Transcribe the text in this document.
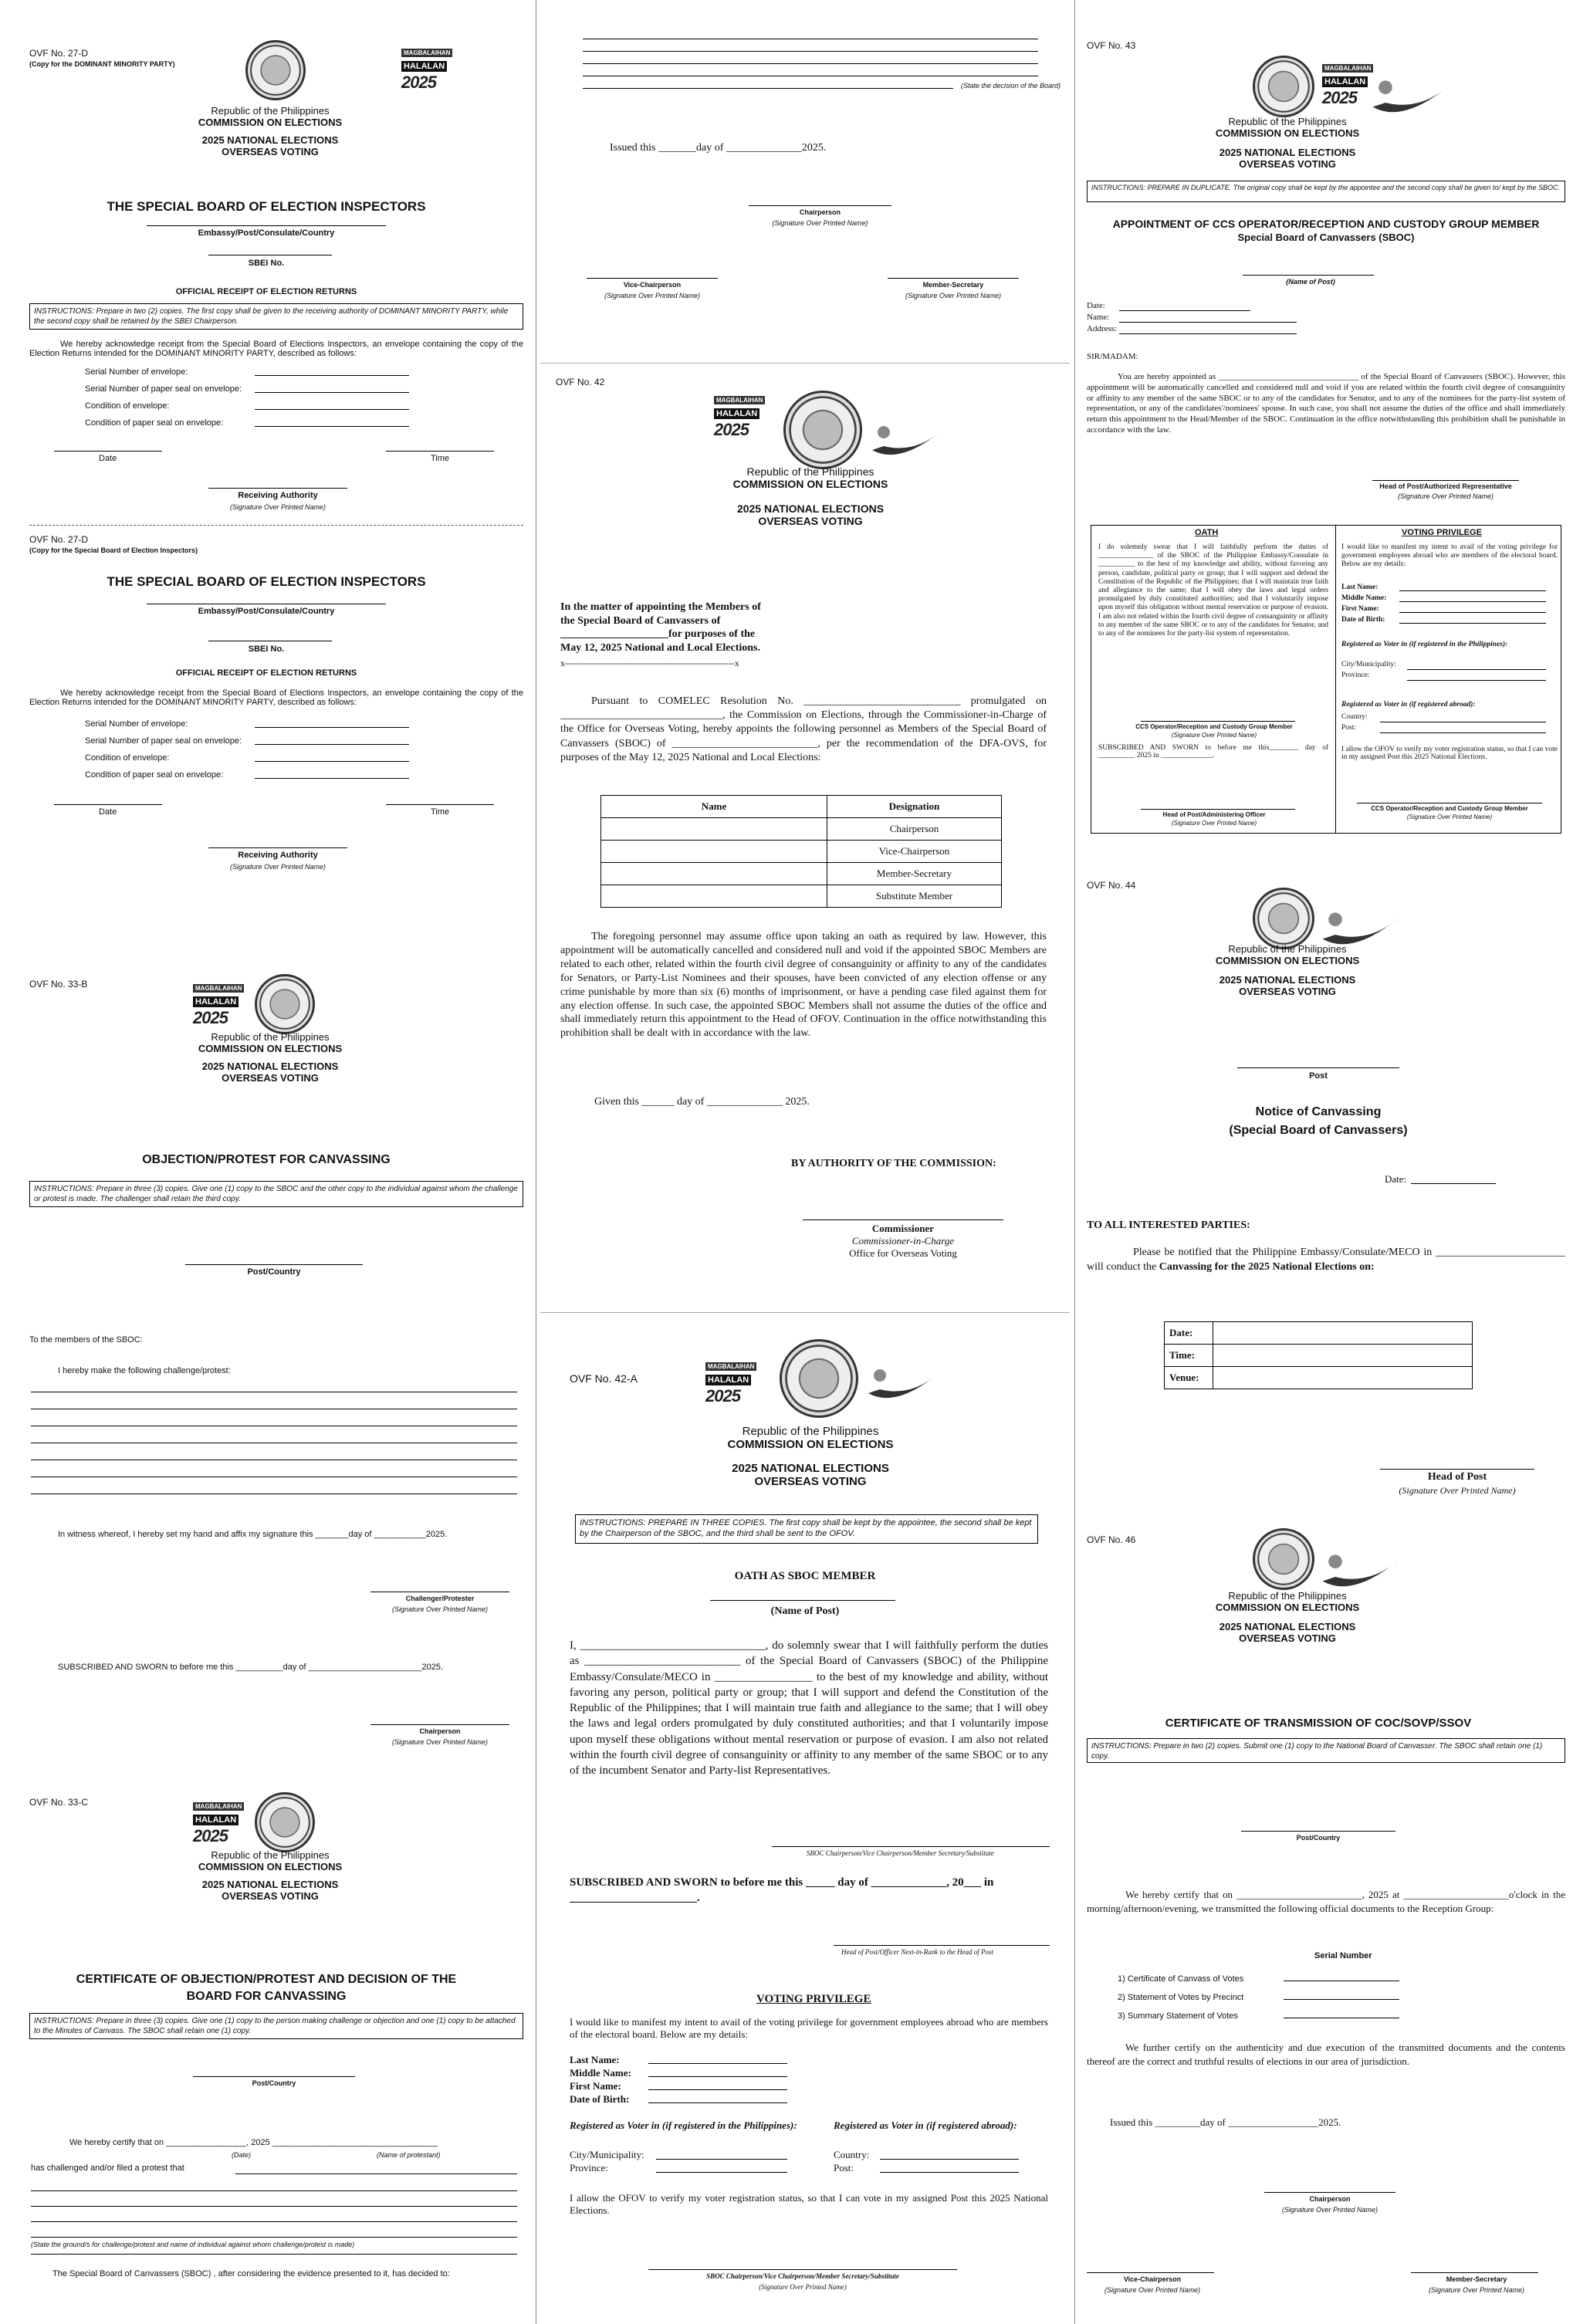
OVF No. 27-D
(Copy for the DOMINANT MINORITY PARTY)
MAGBALAIHAN
HALALAN
2025
Republic of the Philippines
COMMISSION ON ELECTIONS
2025 NATIONAL ELECTIONS
OVERSEAS VOTING
THE SPECIAL BOARD OF ELECTION INSPECTORS
Embassy/Post/Consulate/Country
SBEI No.
OFFICIAL RECEIPT OF ELECTION RETURNS
INSTRUCTIONS: Prepare in two (2) copies. The first copy shall be given to the receiving authority of DOMINANT MINORITY PARTY, while the second copy shall be retained by the SBEI Chairperson.
We hereby acknowledge receipt from the Special Board of Elections Inspectors, an envelope containing the copy of the Election Returns intended for the DOMINANT MINORITY PARTY, described as follows:
Serial Number of envelope:
Serial Number of paper seal on envelope:
Condition of envelope:
Condition of paper seal on envelope:
Date	Time
Receiving Authority
(Signature Over Printed Name)
OVF No. 27-D
(Copy for the Special Board of Election Inspectors)
THE SPECIAL BOARD OF ELECTION INSPECTORS
Embassy/Post/Consulate/Country
SBEI No.
OFFICIAL RECEIPT OF ELECTION RETURNS
We hereby acknowledge receipt from the Special Board of Elections Inspectors, an envelope containing the copy of the Election Returns intended for the DOMINANT MINORITY PARTY, described as follows:
Serial Number of envelope:
Serial Number of paper seal on envelope:
Condition of envelope:
Condition of paper seal on envelope:
Date	Time
Receiving Authority
(Signature Over Printed Name)
OVF No. 33-B	MAGBALAIHAN
HALALAN
2025
Republic of the Philippines
COMMISSION ON ELECTIONS
2025 NATIONAL ELECTIONS
OVERSEAS VOTING
OBJECTION/PROTEST FOR CANVASSING
INSTRUCTIONS: Prepare in three (3) copies. Give one (1) copy to the SBOC and the other copy to the individual against whom the challenge or protest is made. The challenger shall retain the third copy.
Post/Country
To the members of the SBOC:
I hereby make the following challenge/protest:
In witness whereof, I hereby set my hand and affix my signature this _______day of ___________2025.
Challenger/Protester
(Signature Over Printed Name)
SUBSCRIBED AND SWORN to before me this __________day of ________________________2025.
Chairperson
(Signature Over Printed Name)
OVF No. 33-C	MAGBALAIHAN
HALALAN
2025
Republic of the Philippines
COMMISSION ON ELECTIONS
2025 NATIONAL ELECTIONS
OVERSEAS VOTING
CERTIFICATE OF OBJECTION/PROTEST AND DECISION OF THE
BOARD FOR CANVASSING
INSTRUCTIONS: Prepare in three (3) copies. Give one (1) copy to the person making challenge or objection and one (1) copy to be attached to the Minutes of Canvass. The SBOC shall retain one (1) copy.
Post/Country
We hereby certify that on _________________, 2025 ___________________________________
(Date)	(Name of protestant)
has challenged and/or filed a protest that
(State the ground/s for challenge/protest and name of individual against whom challenge/protest is made)
The Special Board of Canvassers (SBOC) , after considering the evidence presented to it, has decided to:
(State the decision of the Board)
Issued this _______day of ______________2025.
Chairperson
(Signature Over Printed Name)
Vice-Chairperson
(Signature Over Printed Name)
Member-Secretary
(Signature Over Printed Name)
OVF No. 42
MAGBALAIHAN
HALALAN
2025
Republic of the Philippines
COMMISSION ON ELECTIONS
2025 NATIONAL ELECTIONS
OVERSEAS VOTING
In the matter of appointing the Members of
the Special Board of Canvassers of
____________________for purposes of the
May 12, 2025 National and Local Elections.
x-------------------------------------------------------x
Pursuant to COMELEC Resolution No. _____________________________ promulgated on ______________________________, the Commission on Elections, through the Commissioner-in-Charge of the Office for Overseas Voting, hereby appoints the following personnel as Members of the Special Board of Canvassers (SBOC) of ___________________________, per the recommendation of the DFA-OVS, for purposes of the May 12, 2025 National and Local Elections:
Name	Designation
	Chairperson
	Vice-Chairperson
	Member-Secretary
	Substitute Member
The foregoing personnel may assume office upon taking an oath as required by law. However, this appointment will be automatically cancelled and considered null and void if the appointed SBOC Members are related to each other, related within the fourth civil degree of consanguinity or affinity to any of the candidates for Senators, or Party-List Nominees and their spouses, have been convicted of any election offense or any crime punishable by more than six (6) months of imprisonment, or have a pending case filed against them for any election offense. In such case, the appointed SBOC Members shall not assume the duties of the office and shall immediately return this appointment to the Head of OFOV. Continuation in the office notwithstanding this prohibition shall be dealt with in accordance with the law.
Given this ______ day of ______________ 2025.
BY AUTHORITY OF THE COMMISSION:
Commissioner
Commissioner-in-Charge
Office for Overseas Voting
OVF No. 42-A
MAGBALAIHAN
HALALAN
2025
Republic of the Philippines
COMMISSION ON ELECTIONS
2025 NATIONAL ELECTIONS
OVERSEAS VOTING
INSTRUCTIONS: PREPARE IN THREE COPIES. The first copy shall be kept by the appointee, the second shall be kept by the Chairperson of the SBOC, and the third shall be sent to the OFOV.
OATH AS SBOC MEMBER
(Name of Post)
I, ________________________________, do solemnly swear that I will faithfully perform the duties as ___________________________ of the Special Board of Canvassers (SBOC) of the Philippine Embassy/Consulate/MECO in _________________ to the best of my knowledge and ability, without favoring any person, political party or group; that I will support and defend the Constitution of the Republic of the Philippines; that I will maintain true faith and allegiance to the same; that I will obey the laws and legal orders promulgated by duly constituted authorities; and that I voluntarily impose upon myself these obligations without mental reservation or purpose of evasion. I am also not related within the fourth civil degree of consanguinity or affinity to any member of the same SBOC or to any of the incumbent Senator and Party-list Representatives.
SBOC Chairperson/Vice Chairperson/Member Secretary/Substitute
SUBSCRIBED AND SWORN to before me this _____ day of _____________, 20___ in ______________________.
Head of Post/Officer Next-in-Rank to the Head of Post
VOTING PRIVILEGE
I would like to manifest my intent to avail of the voting privilege for government employees abroad who are members of the electoral board. Below are my details:
Last Name:
Middle Name:
First Name:
Date of Birth:
Registered as Voter in (if registered in the Philippines):	Registered as Voter in (if registered abroad):
City/Municipality:
Province:
Country:
Post:
I allow the OFOV to verify my voter registration status, so that I can vote in my assigned Post this 2025 National Elections.
SBOC Chairperson/Vice Chairperson/Member Secretary/Substitute
(Signature Over Printed Name)
OVF No. 43
MAGBALAIHAN
HALALAN
2025
Republic of the Philippines
COMMISSION ON ELECTIONS
2025 NATIONAL ELECTIONS
OVERSEAS VOTING
INSTRUCTIONS: PREPARE IN DUPLICATE. The original copy shall be kept by the appointee and the second copy shall be given to/ kept by the SBOC.
APPOINTMENT OF CCS OPERATOR/RECEPTION AND CUSTODY GROUP MEMBER
Special Board of Canvassers (SBOC)
(Name of Post)
Date:
Name:
Address:
SIR/MADAM:
You are hereby appointed as _________________________________ of the Special Board of Canvassers (SBOC). However, this appointment will be automatically cancelled and considered null and void if you are related within the fourth civil degree of consanguinity or affinity to any member of the same SBOC or to any of the candidates for Senator, and to any of the nominees for the party-list system of representation, or any of the candidates'/nominees' spouse. In such case, you shall not assume the duties of the office and shall immediately return this appointment to the Head/Member of the SBOC. Continuation in the office notwithstanding this prohibition shall be punishable in accordance with the law.
Head of Post/Authorized Representative
(Signature Over Printed Name)
OATH	VOTING PRIVILEGE
I do solemnly swear that I will faithfully perform the duties of _______________ of the SBOC of the Philippine Embassy/Consulate in __________ to the best of my knowledge and ability, without favoring any person, candidate, political party or group; that I will support and defend the Constitution of the Republic of the Philippines; that I will maintain true faith and allegiance to the same; that I will obey the laws and legal orders promulgated by duly constituted authorities; and that I voluntarily impose upon myself this obligation without mental reservation or purpose of evasion. I am also not related within the fourth civil degree of consanguinity or affinity to any member of the same SBOC or to any of the candidates for Senator, and to any of the nominees for the party-list system of representation.
CCS Operator/Reception and Custody Group Member
(Signature Over Printed Name)
SUBSCRIBED AND SWORN to before me this________ day of __________ 2025 in ______________.
Head of Post/Administering Officer
(Signature Over Printed Name)
I would like to manifest my intent to avail of the voting privilege for government employees abroad who are members of the electoral board. Below are my details:
Last Name:
Middle Name:
First Name:
Date of Birth:
Registered as Voter in (if registered in the Philippines):
City/Municipality:
Province:
Registered as Voter in (if registered abroad):
Country:
Post:
I allow the OFOV to verify my voter registration status, so that I can vote in my assigned Post this 2025 National Elections.
CCS Operator/Reception and Custody Group Member
(Signature Over Printed Name)
OVF No. 44
Republic of the Philippines
COMMISSION ON ELECTIONS
2025 NATIONAL ELECTIONS
OVERSEAS VOTING
Post
Notice of Canvassing
(Special Board of Canvassers)
Date:
TO ALL INTERESTED PARTIES:
Please be notified that the Philippine Embassy/Consulate/MECO in ________________________ will conduct the Canvassing for the 2025 National Elections on:
Date:	
Time:	
Venue:	
Head of Post
(Signature Over Printed Name)
OVF No. 46
Republic of the Philippines
COMMISSION ON ELECTIONS
2025 NATIONAL ELECTIONS
OVERSEAS VOTING
CERTIFICATE OF TRANSMISSION OF COC/SOVP/SSOV
INSTRUCTIONS: Prepare in two (2) copies. Submit one (1) copy to the National Board of Canvasser. The SBOC shall retain one (1) copy.
Post/Country
We hereby certify that on _________________________, 2025 at _____________________o'clock in the morning/afternoon/evening, we transmitted the following official documents to the Reception Group:
Serial Number
1) Certificate of Canvass of Votes
2) Statement of Votes by Precinct
3) Summary Statement of Votes
We further certify on the authenticity and due execution of the transmitted documents and the contents thereof are the correct and truthful results of elections in our area of jurisdiction.
Issued this _________day of __________________2025.
Chairperson
(Signature Over Printed Name)
Vice-Chairperson
(Signature Over Printed Name)
Member-Secretary
(Signature Over Printed Name)
